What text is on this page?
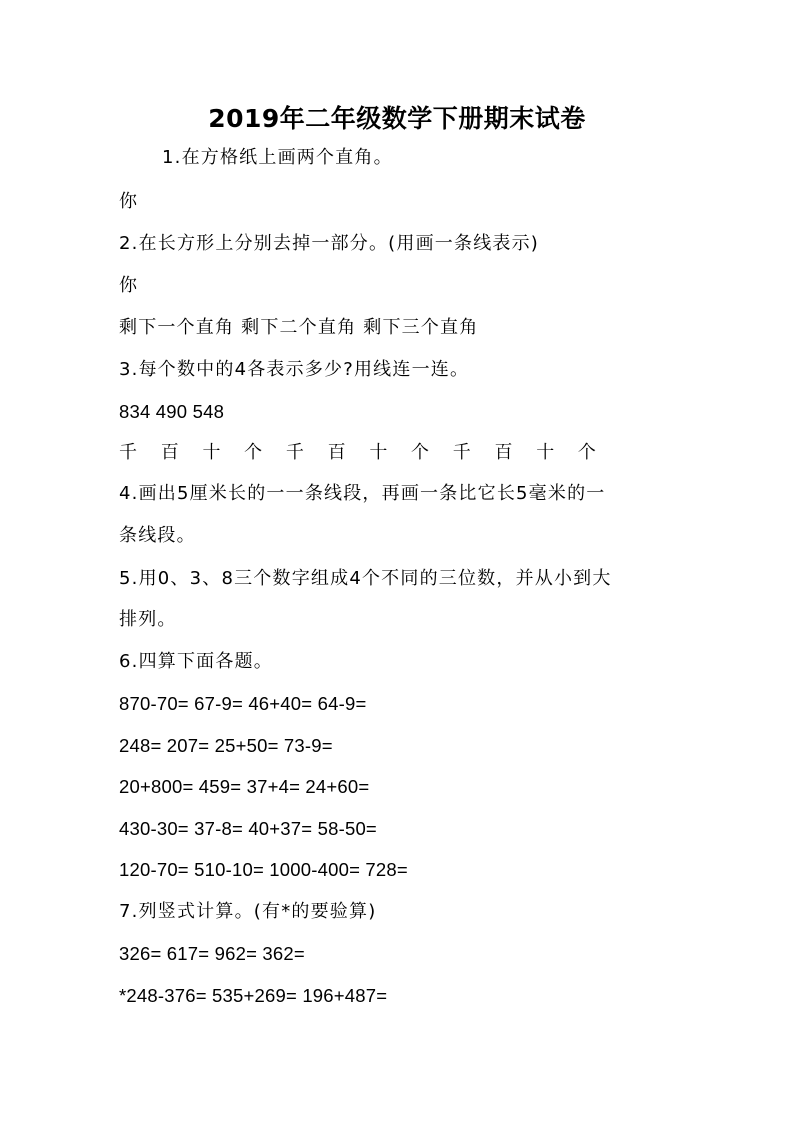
2019年二年级数学下册期末试卷
1.在方格纸上画两个直角。
你
2.在长方形上分别去掉一部分。(用画一条线表示)
你
剩下一个直角 剩下二个直角 剩下三个直角
3.每个数中的4各表示多少?用线连一连。
834 490 548
千 百 十 个 千 百 十 个 千 百 十 个
4.画出5厘米长的一一条线段，再画一条比它长5毫米的一
条线段。
5.用0、3、8三个数字组成4个不同的三位数，并从小到大
排列。
6.四算下面各题。
870-70= 67-9= 46+40= 64-9=
248= 207= 25+50= 73-9=
20+800= 459= 37+4= 24+60=
430-30= 37-8= 40+37= 58-50=
120-70= 510-10= 1000-400= 728=
7.列竖式计算。(有*的要验算)
326= 617= 962= 362=
*248-376= 535+269= 196+487=
